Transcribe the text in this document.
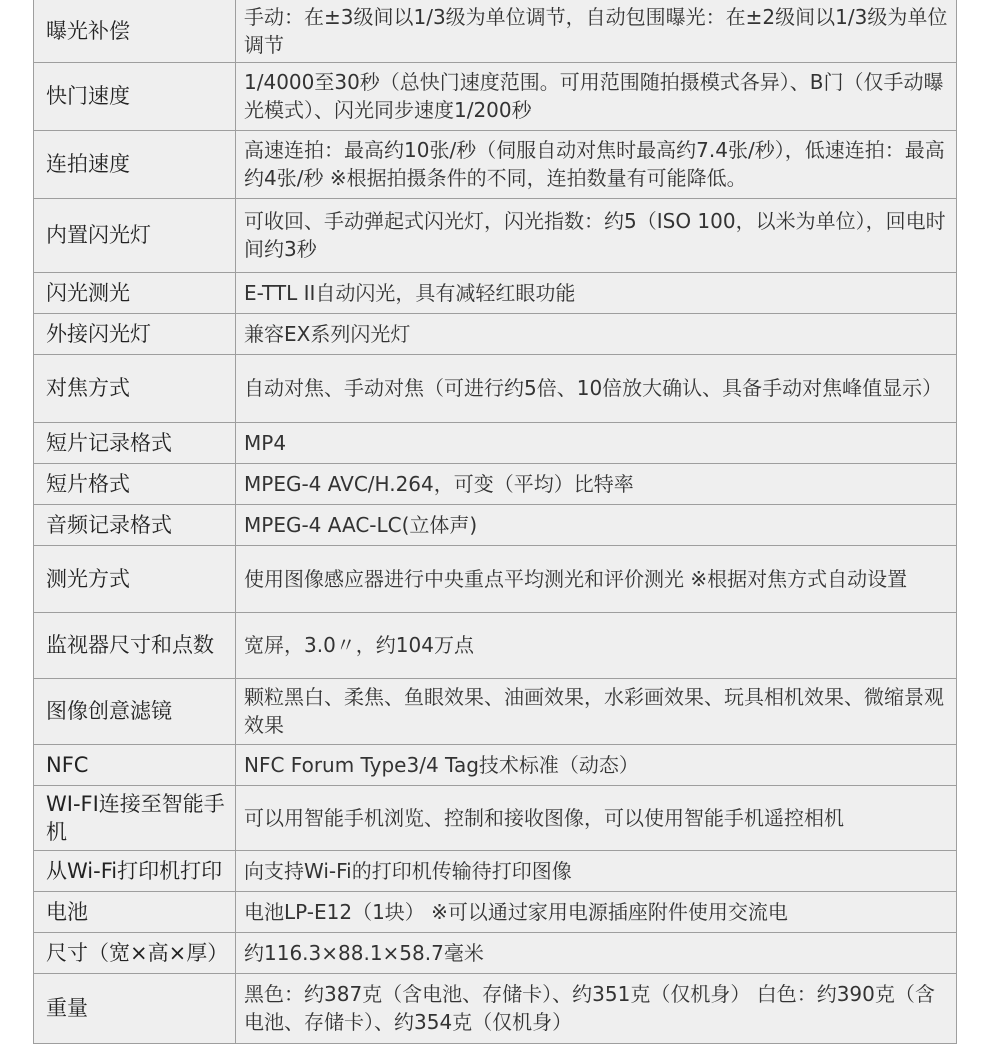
曝光补偿	手动：在±3级间以1/3级为单位调节，自动包围曝光：在±2级间以1/3级为单位调节
快门速度	1/4000至30秒（总快门速度范围。可用范围随拍摄模式各异）、B门（仅手动曝光模式）、闪光同步速度1/200秒
连拍速度	高速连拍：最高约10张/秒（伺服自动对焦时最高约7.4张/秒），低速连拍：最高约4张/秒 ※根据拍摄条件的不同，连拍数量有可能降低。
内置闪光灯	可收回、手动弹起式闪光灯，闪光指数：约5（ISO 100，以米为单位），回电时间约3秒
闪光测光	E-TTL II自动闪光，具有减轻红眼功能
外接闪光灯	兼容EX系列闪光灯
对焦方式	自动对焦、手动对焦（可进行约5倍、10倍放大确认、具备手动对焦峰值显示）
短片记录格式	MP4
短片格式	MPEG-4 AVC/H.264，可变（平均）比特率
音频记录格式	MPEG-4 AAC-LC(立体声)
测光方式	使用图像感应器进行中央重点平均测光和评价测光 ※根据对焦方式自动设置
监视器尺寸和点数	宽屏，3.0〃，约104万点
图像创意滤镜	颗粒黑白、柔焦、鱼眼效果、油画效果，水彩画效果、玩具相机效果、微缩景观效果
NFC	NFC Forum Type3/4 Tag技术标准（动态）
WI-FI连接至智能手机	可以用智能手机浏览、控制和接收图像，可以使用智能手机遥控相机
从Wi-Fi打印机打印	向支持Wi-Fi的打印机传输待打印图像
电池	电池LP-E12（1块） ※可以通过家用电源插座附件使用交流电
尺寸（宽×高×厚）	约116.3×88.1×58.7毫米
重量	黑色：约387克（含电池、存储卡）、约351克（仅机身） 白色：约390克（含电池、存储卡）、约354克（仅机身）
